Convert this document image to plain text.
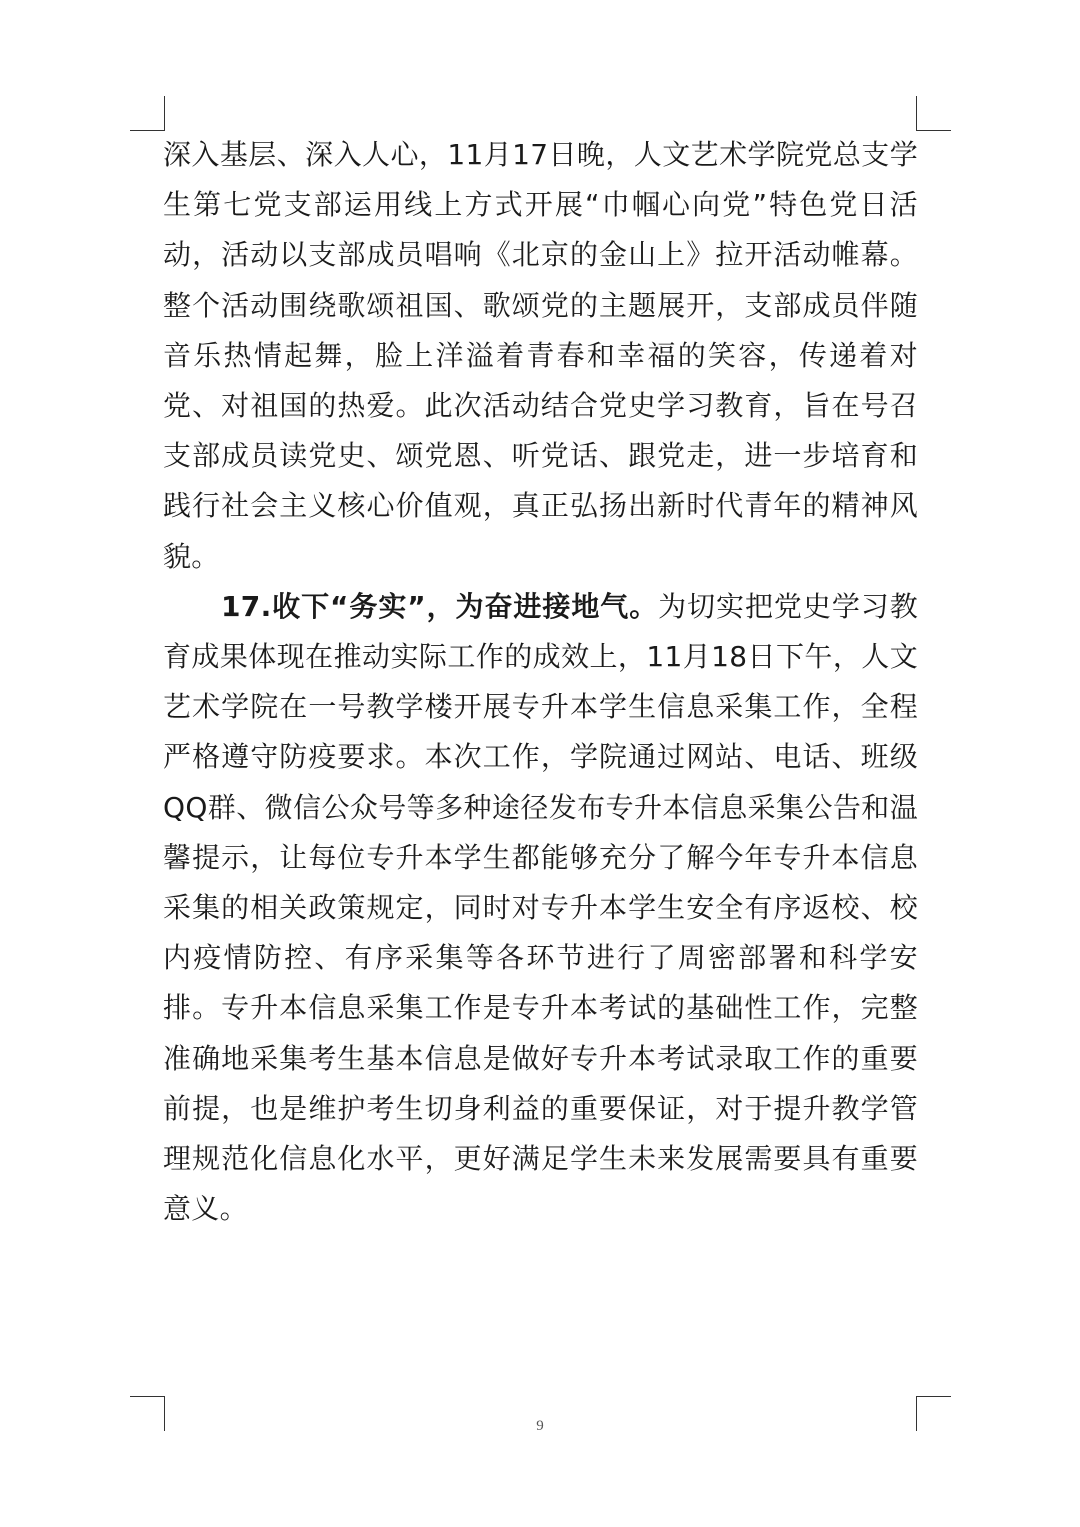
深入基层、深入人心，11月17日晚，人文艺术学院党总支学生第七党支部运用线上方式开展“巾帼心向党”特色党日活动，活动以支部成员唱响《北京的金山上》拉开活动帷幕。整个活动围绕歌颂祖国、歌颂党的主题展开，支部成员伴随音乐热情起舞，脸上洋溢着青春和幸福的笑容，传递着对党、对祖国的热爱。此次活动结合党史学习教育，旨在号召支部成员读党史、颂党恩、听党话、跟党走，进一步培育和践行社会主义核心价值观，真正弘扬出新时代青年的精神风貌。

17.收下“务实”，为奋进接地气。为切实把党史学习教育成果体现在推动实际工作的成效上，11月18日下午，人文艺术学院在一号教学楼开展专升本学生信息采集工作，全程严格遵守防疫要求。本次工作，学院通过网站、电话、班级QQ群、微信公众号等多种途径发布专升本信息采集公告和温馨提示，让每位专升本学生都能够充分了解今年专升本信息采集的相关政策规定，同时对专升本学生安全有序返校、校内疫情防控、有序采集等各环节进行了周密部署和科学安排。专升本信息采集工作是专升本考试的基础性工作，完整准确地采集考生基本信息是做好专升本考试录取工作的重要前提，也是维护考生切身利益的重要保证，对于提升教学管理规范化信息化水平，更好满足学生未来发展需要具有重要意义。

9
